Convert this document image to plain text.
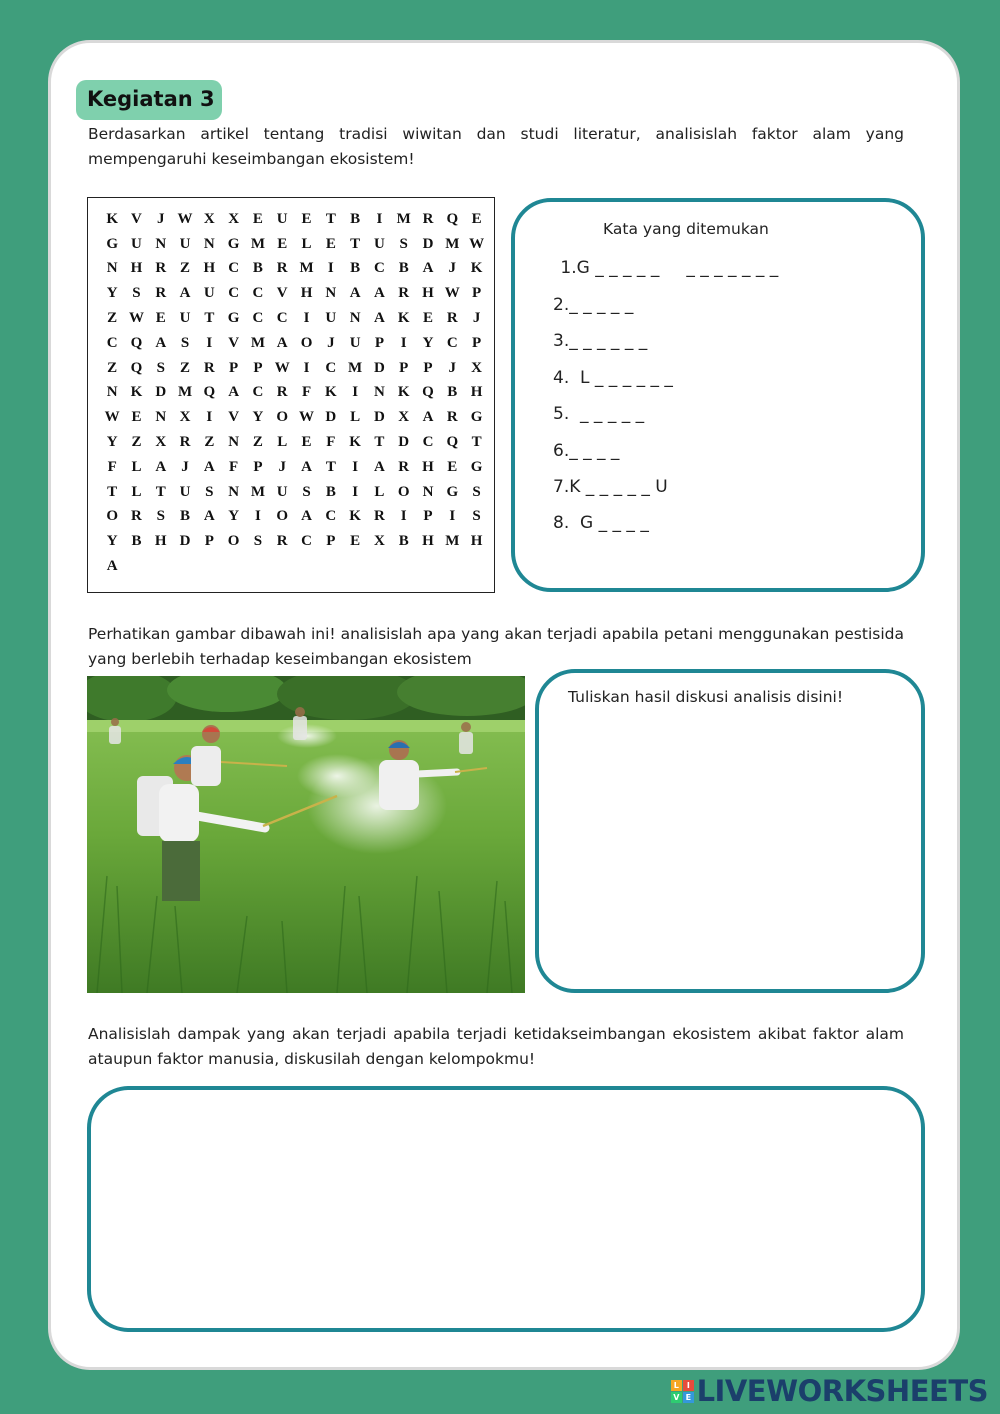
Kegiatan 3

Berdasarkan artikel tentang tradisi wiwitan dan studi literatur, analisislah faktor alam yang mempengaruhi keseimbangan ekosistem!

K V	J W X X E U E T B	I M R Q E
G U N U N G M E L E T U S D M W
N H R Z H C B R M I	B C B A	J K
Y S R A U C C V H N A A R H W P
Z W E U T G C C	I	U N A K E R	J
C Q A S	I	V M A O J	U P	I	Y C P
Z Q S	Z R P	P W I	C M D P	P	J	X
N K D M Q A C R F K	I	N K Q B H
W E N X	I	V Y O W D L D X A R G
Y Z X R Z N Z L E F K T D C Q T
F L A	J	A F	P	J	A T	I	A R H E G
T L T U S N M U S	B	I	L O N G S
O R S	B A Y	I	O A C K R	I	P	I	S
Y B H D P O S R C P E X B H M H
A
Kata yang ditemukan
1.G _ _ _ _ _     _ _ _ _ _ _ _
2._ _ _ _ _
3._ _ _ _ _ _
4.  L _ _ _ _ _ _
5.  _ _ _ _ _
6._ _ _ _
7.K _ _ _ _ _ U
8.  G _ _ _ _

Perhatikan gambar dibawah ini! analisislah apa yang akan terjadi apabila petani menggunakan pestisida yang berlebih terhadap keseimbangan ekosistem

Tuliskan hasil diskusi analisis disini!

Analisislah dampak yang akan terjadi apabila terjadi ketidakseimbangan ekosistem akibat faktor alam ataupun faktor manusia, diskusilah dengan kelompokmu!

L	I
V E LIVEWORKSHEETS
